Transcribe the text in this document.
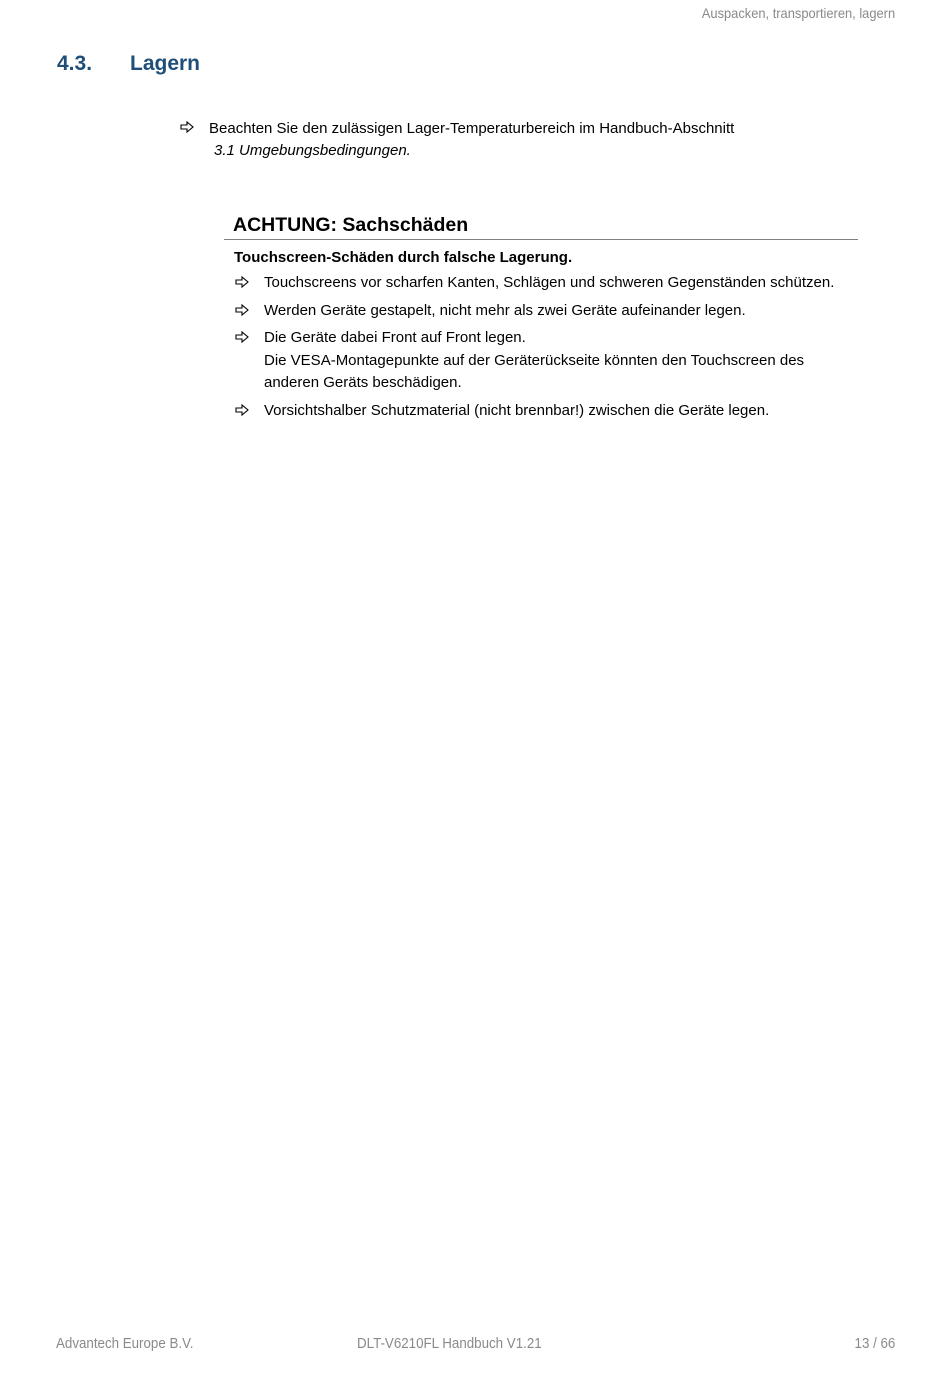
Auspacken, transportieren, lagern
4.3. Lagern
Beachten Sie den zulässigen Lager-Temperaturbereich im Handbuch-Abschnitt
3.1 Umgebungsbedingungen.
ACHTUNG: Sachschäden
Touchscreen-Schäden durch falsche Lagerung.
Touchscreens vor scharfen Kanten, Schlägen und schweren Gegenständen schützen.
Werden Geräte gestapelt, nicht mehr als zwei Geräte aufeinander legen.
Die Geräte dabei Front auf Front legen.
Die VESA-Montagepunkte auf der Geräterückseite könnten den Touchscreen des anderen Geräts beschädigen.
Vorsichtshalber Schutzmaterial (nicht brennbar!) zwischen die Geräte legen.
Advantech Europe B.V.	DLT-V6210FL Handbuch V1.21	13 / 66
